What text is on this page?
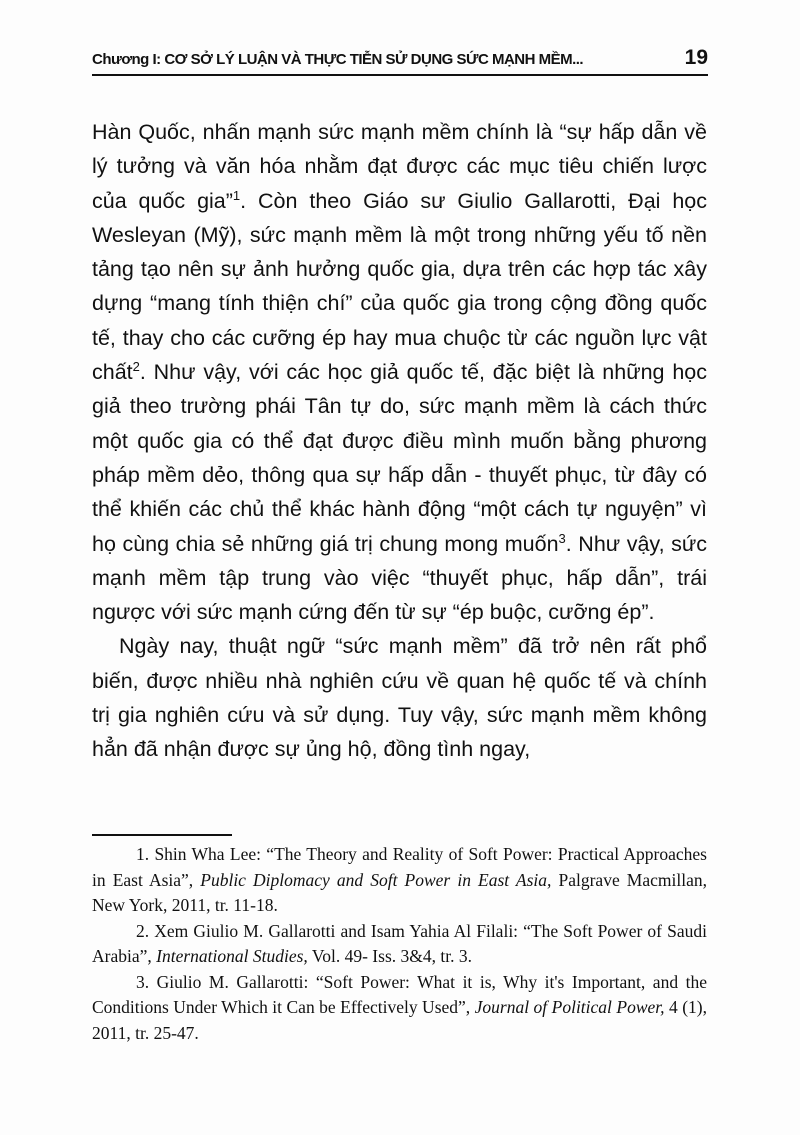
Chương I: CƠ SỞ LÝ LUẬN VÀ THỰC TIỄN SỬ DỤNG SỨC MẠNH MỀM...	19

Hàn Quốc, nhấn mạnh sức mạnh mềm chính là “sự hấp dẫn về lý tưởng và văn hóa nhằm đạt được các mục tiêu chiến lược của quốc gia”$^1$. Còn theo Giáo sư Giulio Gallarotti, Đại học Wesleyan (Mỹ), sức mạnh mềm là một trong những yếu tố nền tảng tạo nên sự ảnh hưởng quốc gia, dựa trên các hợp tác xây dựng “mang tính thiện chí” của quốc gia trong cộng đồng quốc tế, thay cho các cưỡng ép hay mua chuộc từ các nguồn lực vật chất$^2$. Như vậy, với các học giả quốc tế, đặc biệt là những học giả theo trường phái Tân tự do, sức mạnh mềm là cách thức một quốc gia có thể đạt được điều mình muốn bằng phương pháp mềm dẻo, thông qua sự hấp dẫn - thuyết phục, từ đây có thể khiến các chủ thể khác hành động “một cách tự nguyện” vì họ cùng chia sẻ những giá trị chung mong muốn$^3$. Như vậy, sức mạnh mềm tập trung vào việc “thuyết phục, hấp dẫn”, trái ngược với sức mạnh cứng đến từ sự “ép buộc, cưỡng ép”.

Ngày nay, thuật ngữ “sức mạnh mềm” đã trở nên rất phổ biến, được nhiều nhà nghiên cứu về quan hệ quốc tế và chính trị gia nghiên cứu và sử dụng. Tuy vậy, sức mạnh mềm không hẳn đã nhận được sự ủng hộ, đồng tình ngay,

1. Shin Wha Lee: “The Theory and Reality of Soft Power: Practical Approaches in East Asia”, Public Diplomacy and Soft Power in East Asia, Palgrave Macmillan, New York, 2011, tr. 11-18.

2. Xem Giulio M. Gallarotti and Isam Yahia Al Filali: “The Soft Power of Saudi Arabia”, International Studies, Vol. 49- Iss. 3&4, tr. 3.

3. Giulio M. Gallarotti: “Soft Power: What it is, Why it's Important, and the Conditions Under Which it Can be Effectively Used”, Journal of Political Power, 4 (1), 2011, tr. 25-47.
